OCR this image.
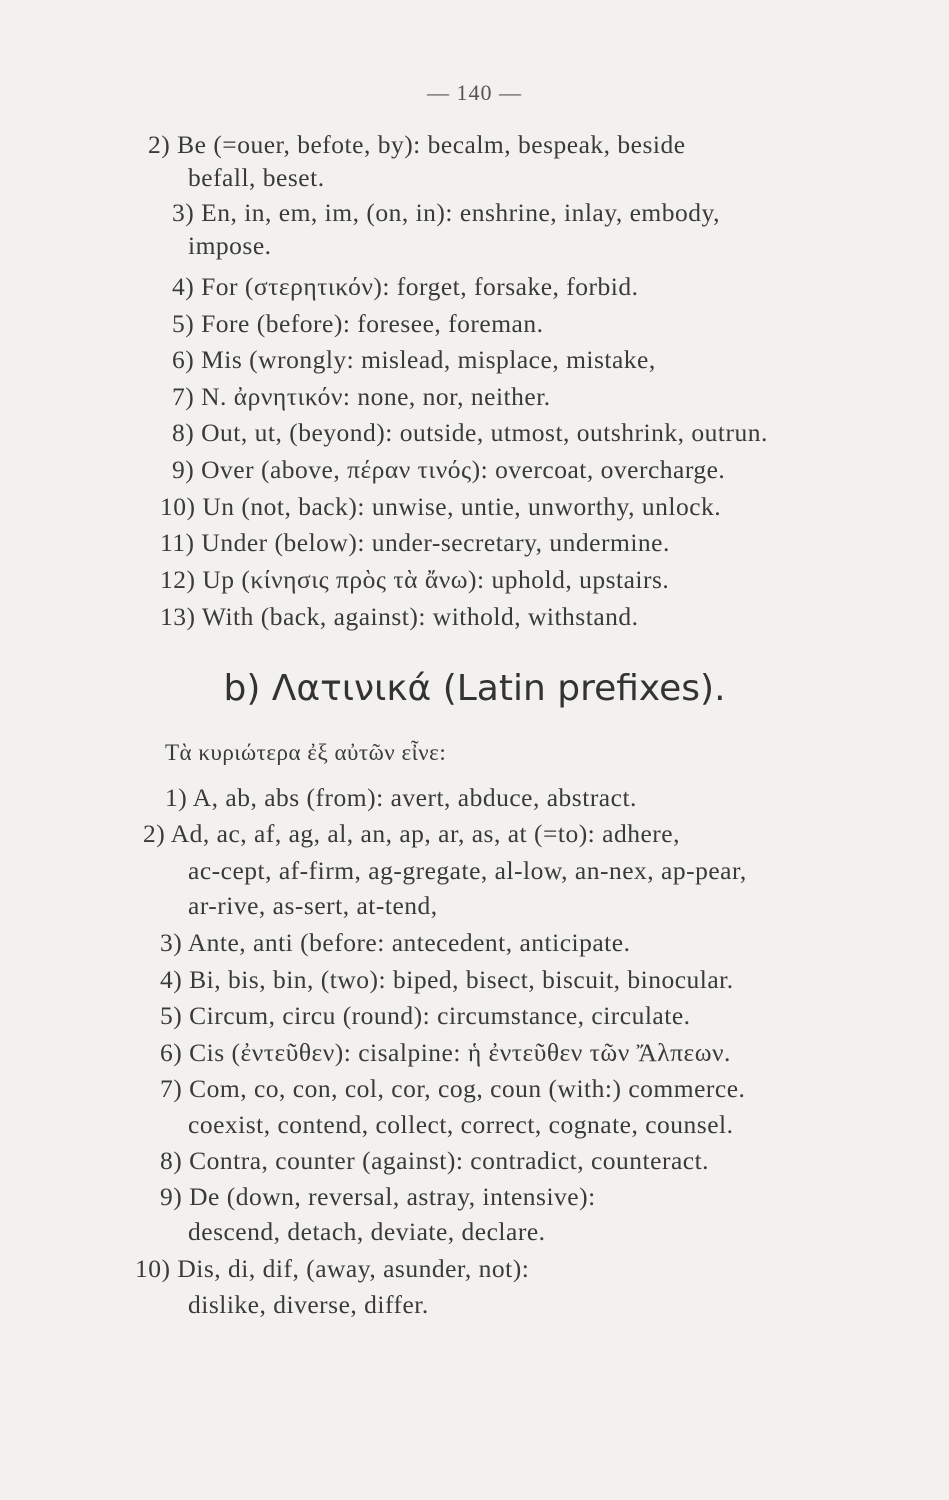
— 140 —
2) Be (=ouer, befote, by): becalm, bespeak, beside
befall, beset.
3) En, in, em, im, (on, in): enshrine, inlay, embody,
impose.
4) For (στερητικόν): forget, forsake, forbid.
5) Fore (before): foresee, foreman.
6) Mis (wrongly: mislead, misplace, mistake,
7) N. ἀρνητικόν: none, nor, neither.
8) Out, ut, (beyond): outside, utmost, outshrink, outrun.
9) Over (above, πέραν τινός): overcoat, overcharge.
10) Un (not, back): unwise, untie, unworthy, unlock.
11) Under (below): under-secretary, undermine.
12) Up (κίνησις πρὸς τὰ ἄνω): uphold, upstairs.
13) With (back, against): withold, withstand.
b) Λατινικά (Latin prefixes).
Τὰ κυριώτερα ἐξ αὐτῶν εἶνε:
1) A, ab, abs (from): avert, abduce, abstract.
2) Ad, ac, af, ag, al, an, ap, ar, as, at (=to): adhere,
ac-cept, af-firm, ag-gregate, al-low, an-nex, ap-pear,
ar-rive, as-sert, at-tend,
3) Ante, anti (before: antecedent, anticipate.
4) Bi, bis, bin, (two): biped, bisect, biscuit, binocular.
5) Circum, circu (round): circumstance, circulate.
6) Cis (ἐντεῦθεν): cisalpine: ἡ ἐντεῦθεν τῶν Ἄλπεων.
7) Com, co, con, col, cor, cog, coun (with:) commerce.
coexist, contend, collect, correct, cognate, counsel.
8) Contra, counter (against): contradict, counteract.
9) De (down, reversal, astray, intensive):
descend, detach, deviate, declare.
10) Dis, di, dif, (away, asunder, not):
dislike, diverse, differ.
